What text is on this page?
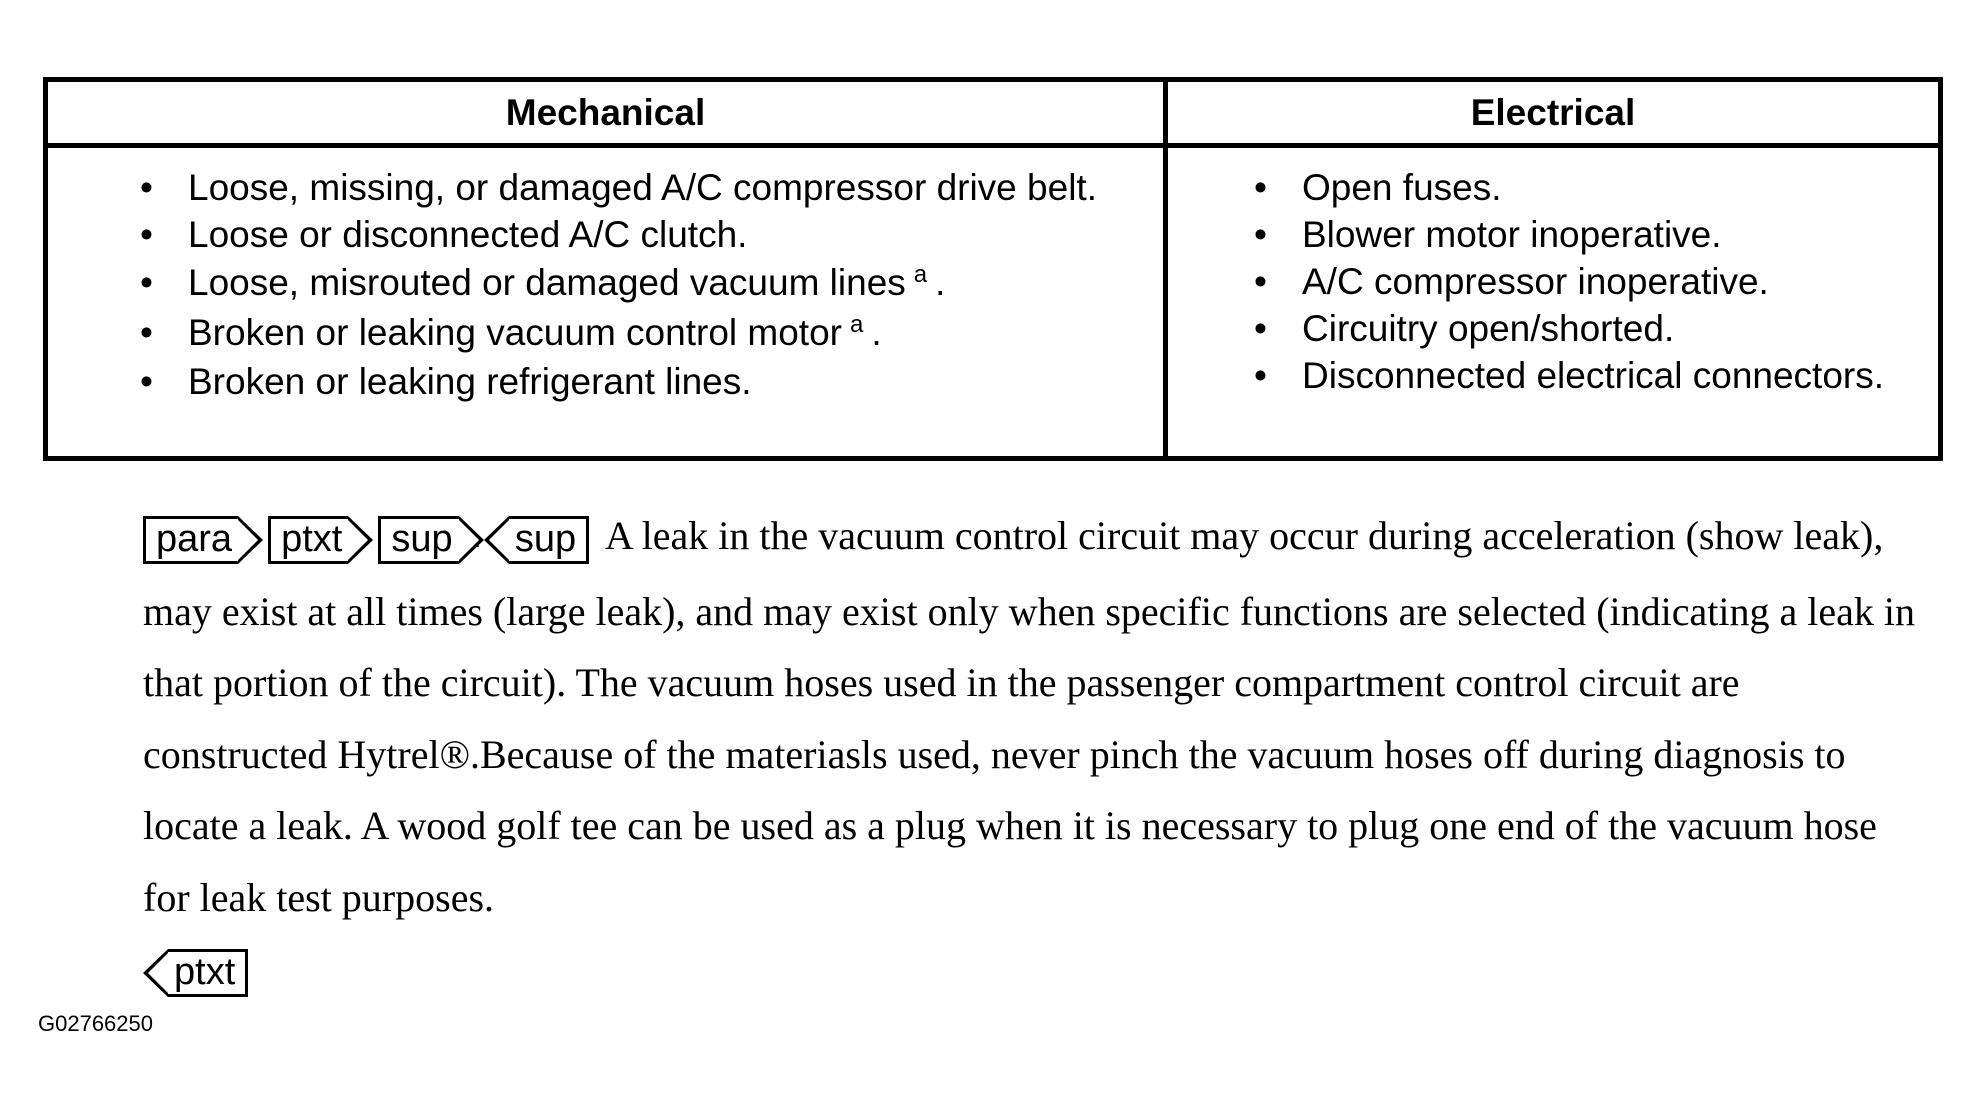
Mechanical	Electrical
• Loose, missing, or damaged A/C compressor drive belt.
• Loose or disconnected A/C clutch.
• Loose, misrouted or damaged vacuum lines $^a$ .
• Broken or leaking vacuum control motor $^a$ .
• Broken or leaking refrigerant lines.
• Open fuses.
• Blower motor inoperative.
• A/C compressor inoperative.
• Circuitry open/shorted.
• Disconnected electrical connectors.
para ptxt sup a sup A leak in the vacuum control circuit may occur during acceleration (show leak), may exist at all times (large leak), and may exist only when specific functions are selected (indicating a leak in that portion of the circuit). The vacuum hoses used in the passenger compartment control circuit are constructed Hytrel®.Because of the materiasls used, never pinch the vacuum hoses off during diagnosis to locate a leak. A wood golf tee can be used as a plug when it is necessary to plug one end of the vacuum hose for leak test purposes.
ptxt
G02766250
